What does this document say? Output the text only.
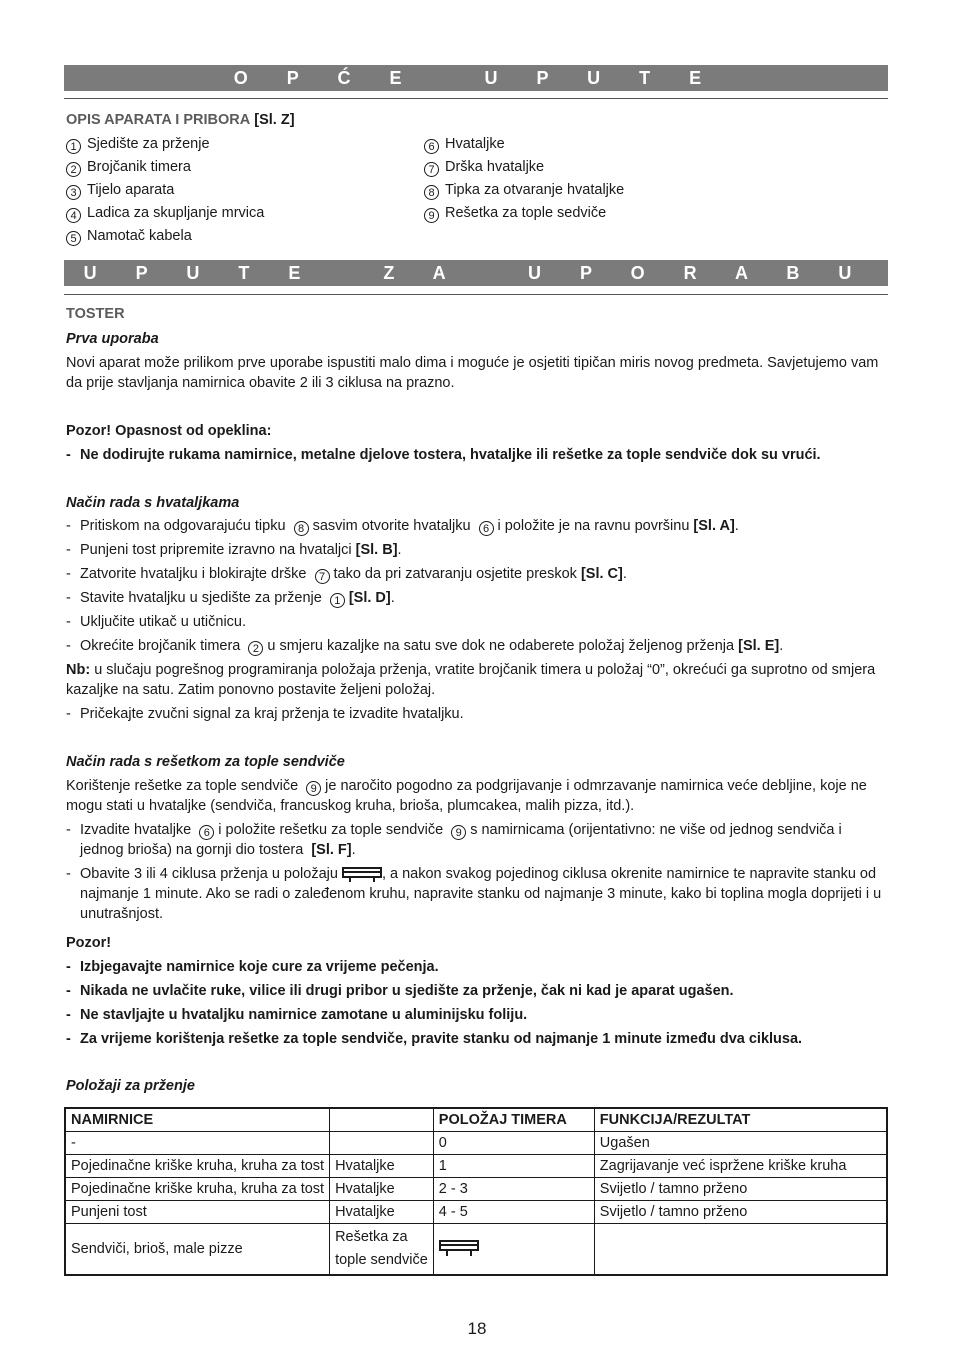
O P Ć E   U P U T E
OPIS APARATA I PRIBORA [Sl. Z]
1 Sjedište za prženje
2 Brojčanik timera
3 Tijelo aparata
4 Ladica za skupljanje mrvica
5 Namotač kabela
6 Hvataljke
7 Drška hvataljke
8 Tipka za otvaranje hvataljke
9 Rešetka za tople sedviče
U P U T E   Z A   U P O R A B U
TOSTER
Prva uporaba
Novi aparat može prilikom prve uporabe ispustiti malo dima i moguće je osjetiti tipičan miris novog predmeta. Savjetujemo vam da prije stavljanja namirnica obavite 2 ili 3 ciklusa na prazno.
Pozor! Opasnost od opeklina:
- Ne dodirujte rukama namirnice, metalne djelove tostera, hvataljke ili rešetke za tople sendviče dok su vrući.
Način rada s hvataljkama
- Pritiskom na odgovarajuću tipku 8 sasvim otvorite hvataljku 6 i položite je na ravnu površinu [Sl. A].
- Punjeni tost pripremite izravno na hvataljci [Sl. B].
- Zatvorite hvataljku i blokirajte drške 7 tako da pri zatvaranju osjetite preskok [Sl. C].
- Stavite hvataljku u sjedište za prženje 1 [Sl. D].
- Uključite utikač u utičnicu.
- Okrećite brojčanik timera 2 u smjeru kazaljke na satu sve dok ne odaberete položaj željenog prženja [Sl. E].
Nb: u slučaju pogrešnog programiranja položaja prženja, vratite brojčanik timera u položaj “0”, okrećući ga suprotno od smjera kazaljke na satu. Zatim ponovno postavite željeni položaj.
- Pričekajte zvučni signal za kraj prženja te izvadite hvataljku.
Način rada s rešetkom za tople sendviče
Korištenje rešetke za tople sendviče 9 je naročito pogodno za podgrijavanje i odmrzavanje namirnica veće debljine, koje ne mogu stati u hvataljke (sendviča, francuskog kruha, brioša, plumcakea, malih pizza, itd.).
- Izvadite hvataljke 6 i položite rešetku za tople sendviče 9 s namirnicama (orijentativno: ne više od jednog sendviča i jednog brioša) na gornji dio tostera [Sl. F].
- Obavite 3 ili 4 ciklusa prženja u položaju	, a nakon svakog pojedinog ciklusa okrenite namirnice te napravite stanku od najmanje 1 minute. Ako se radi o zaleđenom kruhu, napravite stanku od najmanje 3 minute, kako bi toplina mogla doprijeti i u unutrašnjost.
Pozor!
- Izbjegavajte namirnice koje cure za vrijeme pečenja.
- Nikada ne uvlačite ruke, vilice ili drugi pribor u sjedište za prženje, čak ni kad je aparat ugašen.
- Ne stavljajte u hvataljku namirnice zamotane u aluminijsku foliju.
- Za vrijeme korištenja rešetke za tople sendviče, pravite stanku od najmanje 1 minute između dva ciklusa.
Položaji za prženje
NAMIRNICE		POLOŽAJ TIMERA	FUNKCIJA/REZULTAT
-		0	Ugašen
Pojedinačne kriške kruha, kruha za tost	Hvataljke	1	Zagrijavanje već ispržene kriške kruha
Pojedinačne kriške kruha, kruha za tost	Hvataljke	2 - 3	Svijetlo / tamno prženo
Punjeni tost	Hvataljke	4 - 5	Svijetlo / tamno prženo
Sendviči, brioš, male pizze	Rešetka za
tople sendviče

18
